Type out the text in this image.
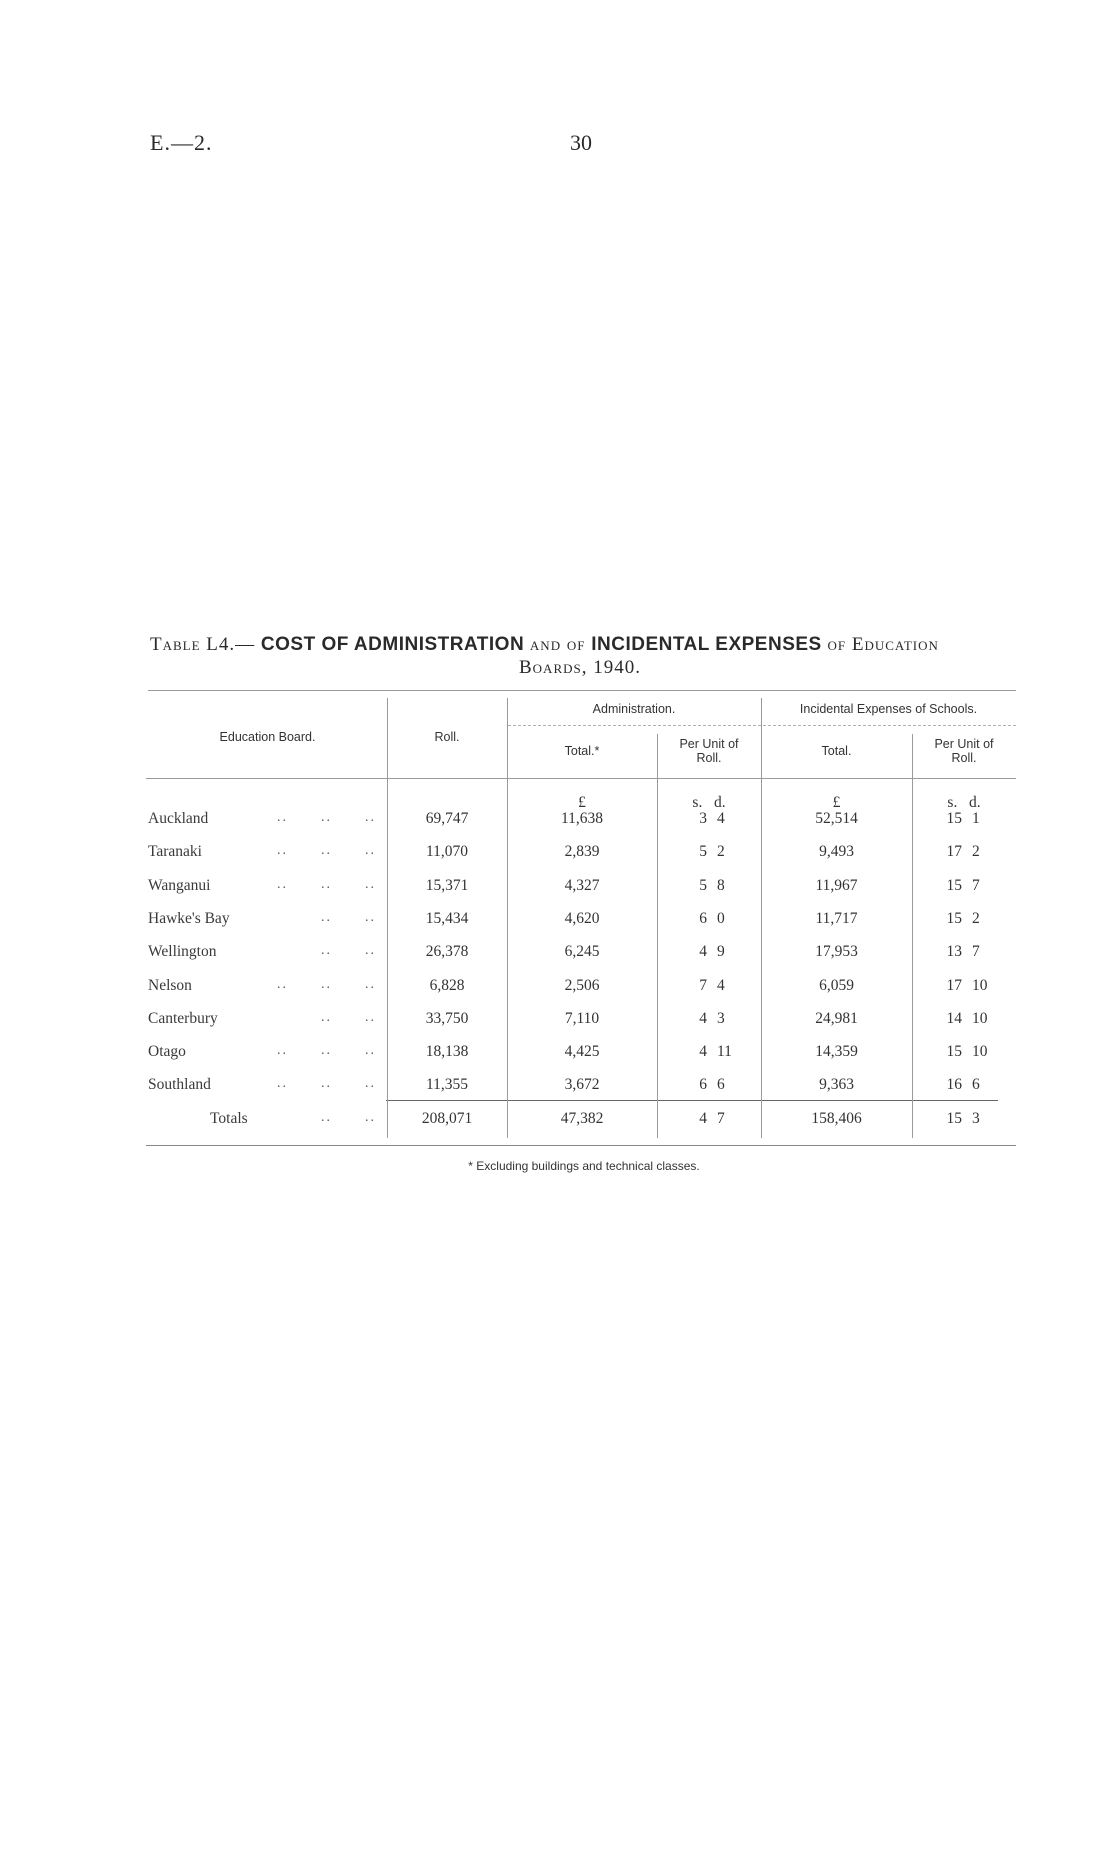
E.—2.	30
Table L4.— COST OF ADMINISTRATION and of INCIDENTAL EXPENSES of Education
Boards, 1940.
Education Board.	Roll.
Administration.	Incidental Expenses of Schools.
Total.*	Per Unit of Roll.	Total.	Per Unit of Roll.
£	s.   d.	£	s.   d.
Auckland	..      ..      ..	69,747	11,638	3 4	52,514	15 1
Taranaki	..      ..      ..	11,070	2,839	5 2	9,493	17 2
Wanganui	..      ..      ..	15,371	4,327	5 8	11,967	15 7
Hawke's Bay	..      ..	15,434	4,620	6 0	11,717	15 2
Wellington	..      ..	26,378	6,245	4 9	17,953	13 7
Nelson	..      ..      ..	6,828	2,506	7 4	6,059	17 10
Canterbury	..      ..	33,750	7,110	4 3	24,981	14 10
Otago	..      ..      ..	18,138	4,425	4 11	14,359	15 10
Southland	..      ..      ..	11,355	3,672	6 6	9,363	16 6
Totals	..      ..	208,071	47,382	4 7	158,406	15 3
* Excluding buildings and technical classes.
